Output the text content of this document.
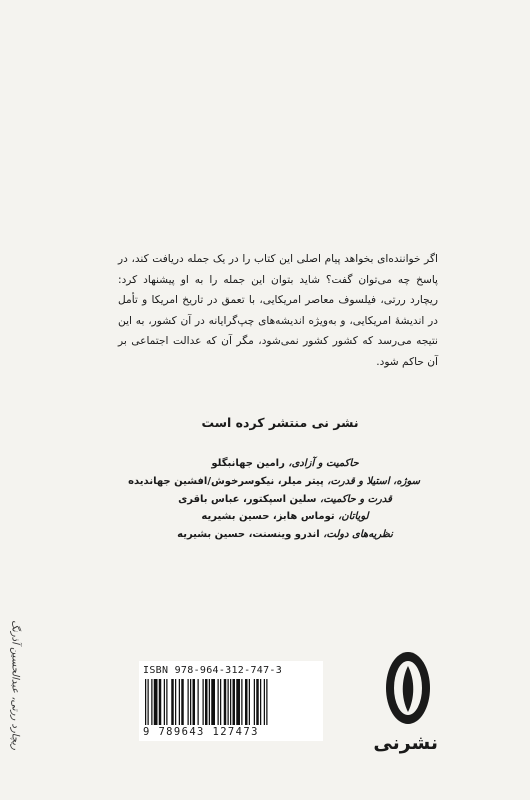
اگر خواننده‌ای بخواهد پیام اصلی این کتاب را در یک جمله دریافت کند، در پاسخ چه می‌توان گفت؟ شاید بتوان این جمله را به او پیشنهاد کرد: ریچارد ررتی، فیلسوف معاصر امریکایی، با تعمق در تاریخ امریکا و تأمل در اندیشهٔ امریکایی، و به‌ویژه اندیشه‌های چپ‌گرایانه در آن کشور، به این نتیجه می‌رسد که کشور کشور نمی‌شود، مگر آن که عدالت اجتماعی بر آن حاکم شود.

نشر نی منتشر کرده است
حاکمیت و آزادی، رامین جهانبگلو
سوژه، استیلا و قدرت، پیتر میلر، نیکوسرخوش/افشین جهاندیده
قدرت و حاکمیت، سلین اسپکتور، عباس باقری
لویاتان، توماس هابز، حسین بشیریه
نظریه‌های دولت، اندرو وینسنت، حسین بشیریه
ISBN 978-964-312-747-3
9 789643 127473	نشرنی
ریچارد ررتی، عبدالحسین آذرنگ
